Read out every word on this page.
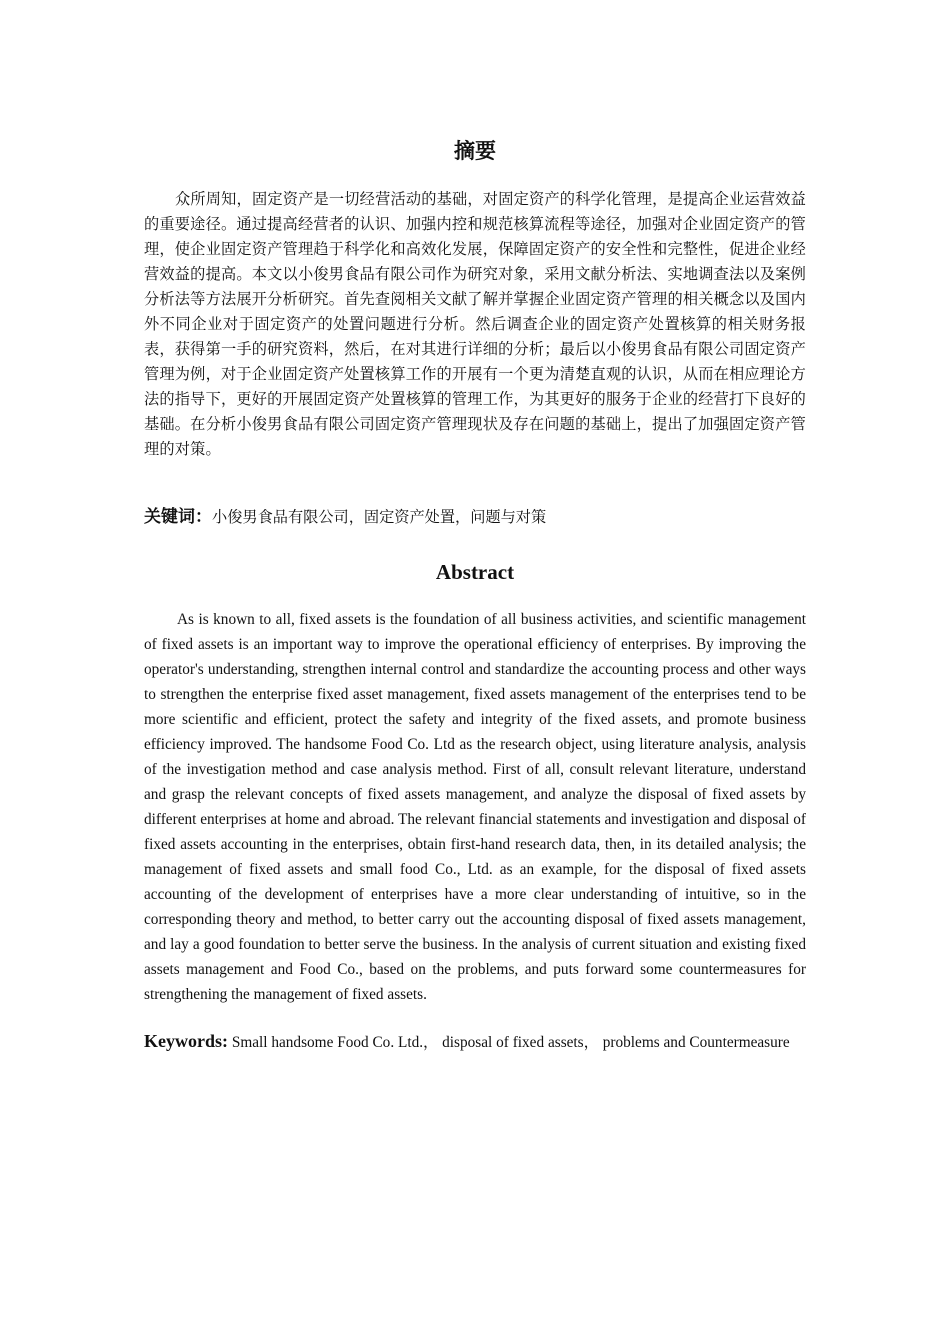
摘要

众所周知，固定资产是一切经营活动的基础，对固定资产的科学化管理，是提高企业运营效益的重要途径。通过提高经营者的认识、加强内控和规范核算流程等途径，加强对企业固定资产的管理，使企业固定资产管理趋于科学化和高效化发展，保障固定资产的安全性和完整性，促进企业经营效益的提高。本文以小俊男食品有限公司作为研究对象，采用文献分析法、实地调查法以及案例分析法等方法展开分析研究。首先查阅相关文献了解并掌握企业固定资产管理的相关概念以及国内外不同企业对于固定资产的处置问题进行分析。然后调查企业的固定资产处置核算的相关财务报表，获得第一手的研究资料，然后，在对其进行详细的分析；最后以小俊男食品有限公司固定资产管理为例，对于企业固定资产处置核算工作的开展有一个更为清楚直观的认识，从而在相应理论方法的指导下，更好的开展固定资产处置核算的管理工作，为其更好的服务于企业的经营打下良好的基础。在分析小俊男食品有限公司固定资产管理现状及存在问题的基础上，提出了加强固定资产管理的对策。

关键词：小俊男食品有限公司，固定资产处置，问题与对策

Abstract

As is known to all, fixed assets is the foundation of all business activities, and scientific management of fixed assets is an important way to improve the operational efficiency of enterprises. By improving the operator's understanding, strengthen internal control and standardize the accounting process and other ways to strengthen the enterprise fixed asset management, fixed assets management of the enterprises tend to be more scientific and efficient, protect the safety and integrity of the fixed assets, and promote business efficiency improved. The handsome Food Co. Ltd as the research object, using literature analysis, analysis of the investigation method and case analysis method. First of all, consult relevant literature, understand and grasp the relevant concepts of fixed assets management, and analyze the disposal of fixed assets by different enterprises at home and abroad. The relevant financial statements and investigation and disposal of fixed assets accounting in the enterprises, obtain first-hand research data, then, in its detailed analysis; the management of fixed assets and small food Co., Ltd. as an example, for the disposal of fixed assets accounting of the development of enterprises have a more clear understanding of intuitive, so in the corresponding theory and method, to better carry out the accounting disposal of fixed assets management, and lay a good foundation to better serve the business. In the analysis of current situation and existing fixed assets management and Food Co., based on the problems, and puts forward some countermeasures for strengthening the management of fixed assets.

Keywords: Small handsome Food Co. Ltd.， disposal of fixed assets， problems and Countermeasure
